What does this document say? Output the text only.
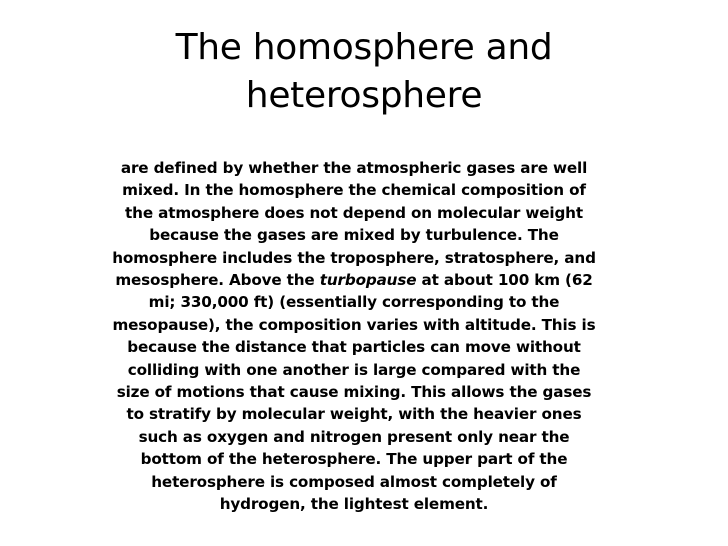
The homosphere and
heterosphere

are defined by whether the atmospheric gases are well mixed. In the homosphere the chemical composition of the atmosphere does not depend on molecular weight because the gases are mixed by turbulence. The homosphere includes the troposphere, stratosphere, and mesosphere. Above the turbopause at about 100 km (62 mi; 330,000 ft) (essentially corresponding to the mesopause), the composition varies with altitude. This is because the distance that particles can move without colliding with one another is large compared with the size of motions that cause mixing. This allows the gases to stratify by molecular weight, with the heavier ones such as oxygen and nitrogen present only near the bottom of the heterosphere. The upper part of the heterosphere is composed almost completely of hydrogen, the lightest element.
